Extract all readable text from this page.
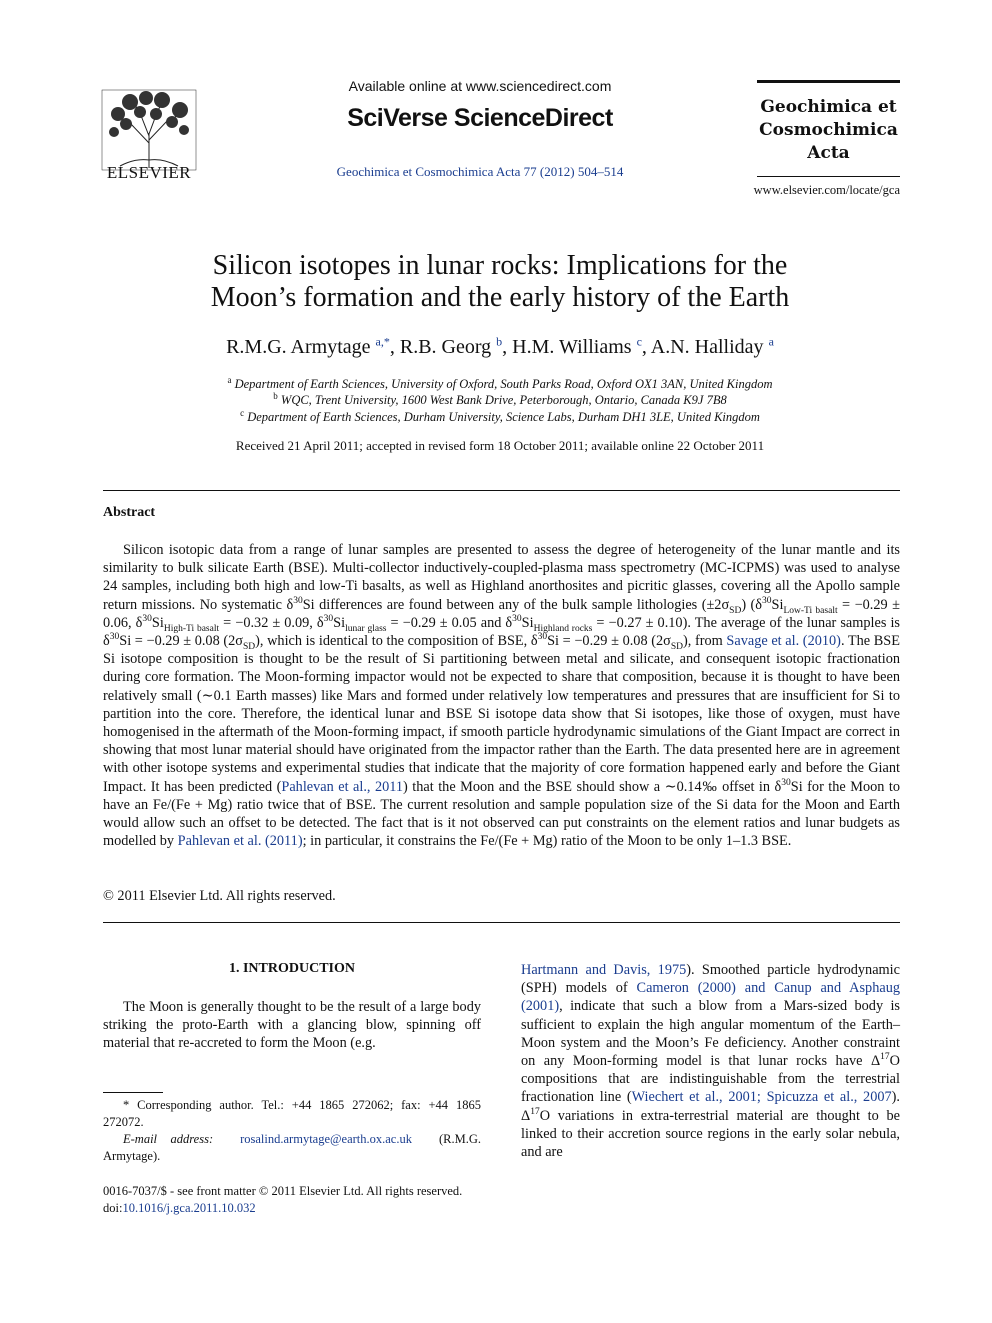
ELSEVIER
Available online at www.sciencedirect.com
SciVerse ScienceDirect
Geochimica et Cosmochimica Acta 77 (2012) 504–514
Geochimica et
Cosmochimica
Acta
www.elsevier.com/locate/gca
Silicon isotopes in lunar rocks: Implications for the
Moon’s formation and the early history of the Earth
R.M.G. Armytage $^{a,*}$, R.B. Georg $^b$, H.M. Williams $^c$, A.N. Halliday $^a$
$^a$ Department of Earth Sciences, University of Oxford, South Parks Road, Oxford OX1 3AN, United Kingdom
$^b$ WQC, Trent University, 1600 West Bank Drive, Peterborough, Ontario, Canada K9J 7B8
$^c$ Department of Earth Sciences, Durham University, Science Labs, Durham DH1 3LE, United Kingdom
Received 21 April 2011; accepted in revised form 18 October 2011; available online 22 October 2011
Abstract

Silicon isotopic data from a range of lunar samples are presented to assess the degree of heterogeneity of the lunar mantle and its similarity to bulk silicate Earth (BSE). Multi-collector inductively-coupled-plasma mass spectrometry (MC-ICPMS) was used to analyse 24 samples, including both high and low-Ti basalts, as well as Highland anorthosites and picritic glasses, covering all the Apollo sample return missions. No systematic $\delta^{30}Si$ differences are found between any of the bulk sample lithologies $(\pm 2\sigma_{SD}) (\delta^{30}Si_{Low-Ti basalt} = -0.29 \pm 0.06$, $\delta^{30}Si_{High-Ti basalt} = -0.32 \pm 0.09$, $\delta^{30}Si_{lunar glass} = -0.29 \pm 0.05$ and $\delta^{30}Si_{Highland rocks} = -0.27 \pm 0.10$). The average of the lunar samples is $\delta^{30}Si = -0.29 \pm 0.08$ $(2\sigma_{SD})$, which is identical to the composition of BSE, $\delta^{30}Si = -0.29 \pm 0.08$ $(2\sigma_{SD})$, from Savage et al. (2010). The BSE Si isotope composition is thought to be the result of Si partitioning between metal and silicate, and consequent isotopic fractionation during core formation. The Moon-forming impactor would not be expected to share that composition, because it is thought to have been relatively small (∼0.1 Earth masses) like Mars and formed under relatively low temperatures and pressures that are insufficient for Si to partition into the core. Therefore, the identical lunar and BSE Si isotope data show that Si isotopes, like those of oxygen, must have homogenised in the aftermath of the Moon-forming impact, if smooth particle hydrodynamic simulations of the Giant Impact are correct in showing that most lunar material should have originated from the impactor rather than the Earth. The data presented here are in agreement with other isotope systems and experimental studies that indicate that the majority of core formation happened early and before the Giant Impact. It has been predicted (Pahlevan et al., 2011) that the Moon and the BSE should show a ∼0.14‰ offset in $\delta^{30}Si$ for the Moon to have an Fe/(Fe + Mg) ratio twice that of BSE. The current resolution and sample population size of the Si data for the Moon and Earth would allow such an offset to be detected. The fact that is it not observed can put constraints on the element ratios and lunar budgets as modelled by Pahlevan et al. (2011); in particular, it constrains the Fe/(Fe + Mg) ratio of the Moon to be only 1–1.3 BSE.

© 2011 Elsevier Ltd. All rights reserved.
1. INTRODUCTION

The Moon is generally thought to be the result of a large body striking the proto-Earth with a glancing blow, spinning off material that re-accreted to form the Moon (e.g.

* Corresponding author. Tel.: +44 1865 272062; fax: +44 1865 272072.

E-mail address: rosalind.armytage@earth.ox.ac.uk (R.M.G. Armytage).

0016-7037/$ - see front matter © 2011 Elsevier Ltd. All rights reserved.
doi:10.1016/j.gca.2011.10.032

Hartmann and Davis, 1975). Smoothed particle hydrodynamic (SPH) models of Cameron (2000) and Canup and Asphaug (2001), indicate that such a blow from a Mars-sized body is sufficient to explain the high angular momentum of the Earth–Moon system and the Moon’s Fe deficiency. Another constraint on any Moon-forming model is that lunar rocks have $\Delta^{17}O$ compositions that are indistinguishable from the terrestrial fractionation line (Wiechert et al., 2001; Spicuzza et al., 2007). $\Delta^{17}O$ variations in extra-terrestrial material are thought to be linked to their accretion source regions in the early solar nebula, and are
